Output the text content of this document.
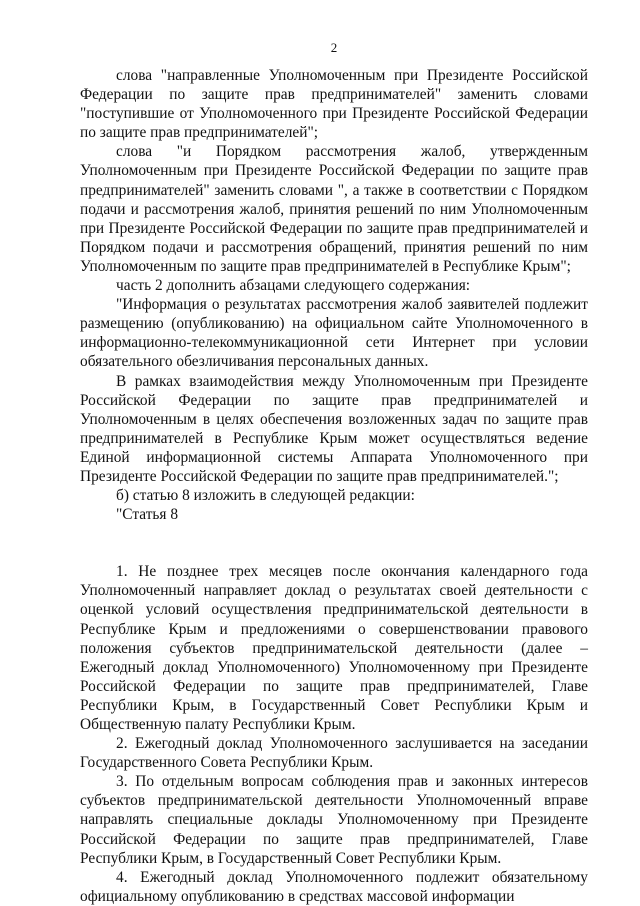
2

слова "направленные Уполномоченным при Президенте Российской Федерации по защите прав предпринимателей" заменить словами "поступившие от Уполномоченного при Президенте Российской Федерации по защите прав предпринимателей";

слова "и Порядком рассмотрения жалоб, утвержденным Уполномоченным при Президенте Российской Федерации по защите прав предпринимателей" заменить словами ", а также в соответствии с Порядком подачи и рассмотрения жалоб, принятия решений по ним Уполномоченным при Президенте Российской Федерации по защите прав предпринимателей и Порядком подачи и рассмотрения обращений, принятия решений по ним Уполномоченным по защите прав предпринимателей в Республике Крым";

часть 2 дополнить абзацами следующего содержания:

"Информация о результатах рассмотрения жалоб заявителей подлежит размещению (опубликованию) на официальном сайте Уполномоченного в информационно-телекоммуникационной сети Интернет при условии обязательного обезличивания персональных данных.

В рамках взаимодействия между Уполномоченным при Президенте Российской Федерации по защите прав предпринимателей и Уполномоченным в целях обеспечения возложенных задач по защите прав предпринимателей в Республике Крым может осуществляться ведение Единой информационной системы Аппарата Уполномоченного при Президенте Российской Федерации по защите прав предпринимателей.";

б) статью 8 изложить в следующей редакции:

"Статья 8

1. Не позднее трех месяцев после окончания календарного года Уполномоченный направляет доклад о результатах своей деятельности с оценкой условий осуществления предпринимательской деятельности в Республике Крым и предложениями о совершенствовании правового положения субъектов предпринимательской деятельности (далее – Ежегодный доклад Уполномоченного) Уполномоченному при Президенте Российской Федерации по защите прав предпринимателей, Главе Республики Крым, в Государственный Совет Республики Крым и Общественную палату Республики Крым.

2. Ежегодный доклад Уполномоченного заслушивается на заседании Государственного Совета Республики Крым.

3. По отдельным вопросам соблюдения прав и законных интересов субъектов предпринимательской деятельности Уполномоченный вправе направлять специальные доклады Уполномоченному при Президенте Российской Федерации по защите прав предпринимателей, Главе Республики Крым, в Государственный Совет Республики Крым.

4. Ежегодный доклад Уполномоченного подлежит обязательному официальному опубликованию в средствах массовой информации
